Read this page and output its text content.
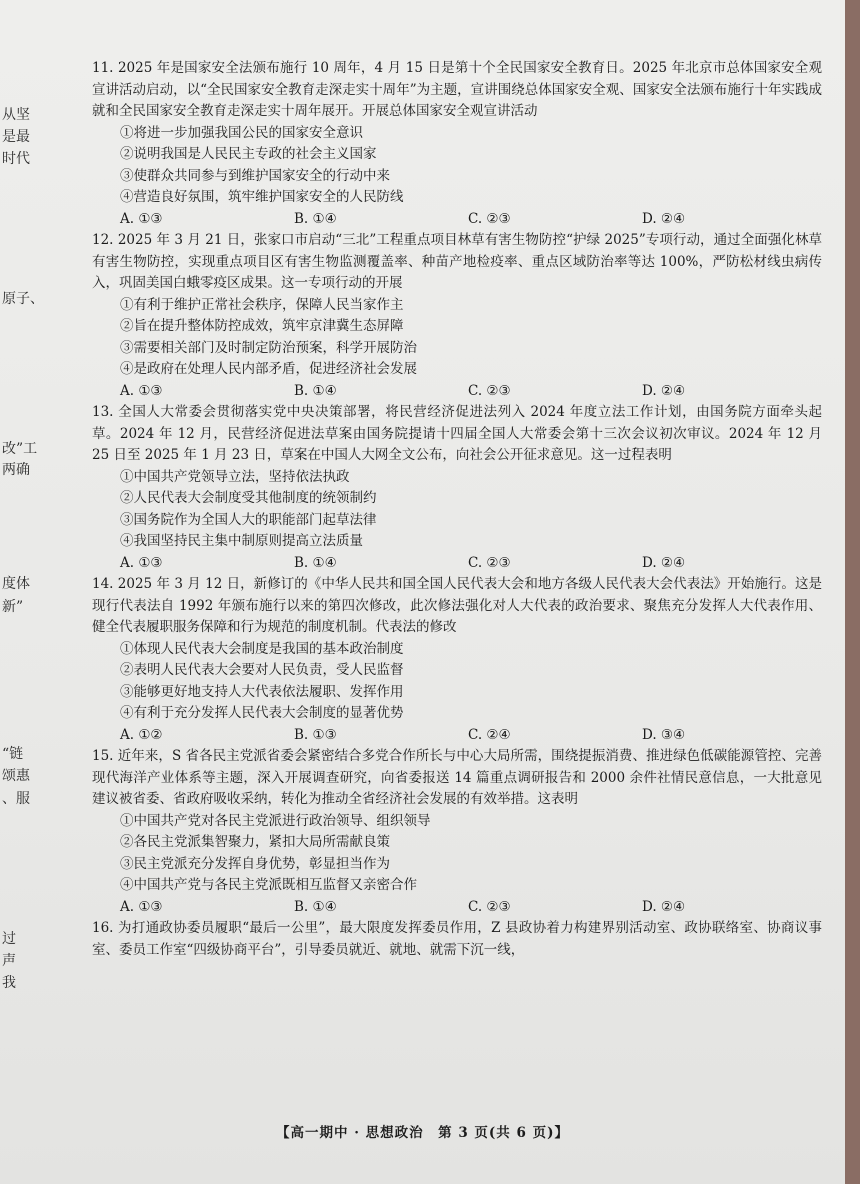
从坚
是最
时代
原子、
改”工
两确
度体
新”
“链
颂惠
、服
过
声
我
11. 2025 年是国家安全法颁布施行 10 周年，4 月 15 日是第十个全民国家安全教育日。2025 年北京市总体国家安全观宣讲活动启动，以“全民国家安全教育走深走实十周年”为主题，宣讲围绕总体国家安全观、国家安全法颁布施行十年实践成就和全民国家安全教育走深走实十周年展开。开展总体国家安全观宣讲活动
①将进一步加强我国公民的国家安全意识
②说明我国是人民民主专政的社会主义国家
③使群众共同参与到维护国家安全的行动中来
④营造良好氛围，筑牢维护国家安全的人民防线
A. ①③	B. ①④	C. ②③	D. ②④
12. 2025 年 3 月 21 日，张家口市启动“三北”工程重点项目林草有害生物防控“护绿 2025”专项行动，通过全面强化林草有害生物防控，实现重点项目区有害生物监测覆盖率、种苗产地检疫率、重点区域防治率等达 100%，严防松材线虫病传入，巩固美国白蛾零疫区成果。这一专项行动的开展
①有利于维护正常社会秩序，保障人民当家作主
②旨在提升整体防控成效，筑牢京津冀生态屏障
③需要相关部门及时制定防治预案，科学开展防治
④是政府在处理人民内部矛盾，促进经济社会发展
A. ①③	B. ①④	C. ②③	D. ②④
13. 全国人大常委会贯彻落实党中央决策部署，将民营经济促进法列入 2024 年度立法工作计划，由国务院方面牵头起草。2024 年 12 月，民营经济促进法草案由国务院提请十四届全国人大常委会第十三次会议初次审议。2024 年 12 月 25 日至 2025 年 1 月 23 日，草案在中国人大网全文公布，向社会公开征求意见。这一过程表明
①中国共产党领导立法，坚持依法执政
②人民代表大会制度受其他制度的统领制约
③国务院作为全国人大的职能部门起草法律
④我国坚持民主集中制原则提高立法质量
A. ①③	B. ①④	C. ②③	D. ②④
14. 2025 年 3 月 12 日，新修订的《中华人民共和国全国人民代表大会和地方各级人民代表大会代表法》开始施行。这是现行代表法自 1992 年颁布施行以来的第四次修改，此次修法强化对人大代表的政治要求、聚焦充分发挥人大代表作用、健全代表履职服务保障和行为规范的制度机制。代表法的修改
①体现人民代表大会制度是我国的基本政治制度
②表明人民代表大会要对人民负责，受人民监督
③能够更好地支持人大代表依法履职、发挥作用
④有利于充分发挥人民代表大会制度的显著优势
A. ①②	B. ①③	C. ②④	D. ③④
15. 近年来，S 省各民主党派省委会紧密结合多党合作所长与中心大局所需，围绕提振消费、推进绿色低碳能源管控、完善现代海洋产业体系等主题，深入开展调查研究，向省委报送 14 篇重点调研报告和 2000 余件社情民意信息，一大批意见建议被省委、省政府吸收采纳，转化为推动全省经济社会发展的有效举措。这表明
①中国共产党对各民主党派进行政治领导、组织领导
②各民主党派集智聚力，紧扣大局所需献良策
③民主党派充分发挥自身优势，彰显担当作为
④中国共产党与各民主党派既相互监督又亲密合作
A. ①③	B. ①④	C. ②③	D. ②④
16. 为打通政协委员履职“最后一公里”，最大限度发挥委员作用，Z 县政协着力构建界别活动室、政协联络室、协商议事室、委员工作室“四级协商平台”，引导委员就近、就地、就需下沉一线，
【高一期中 · 思想政治　第 3 页(共 6 页)】
